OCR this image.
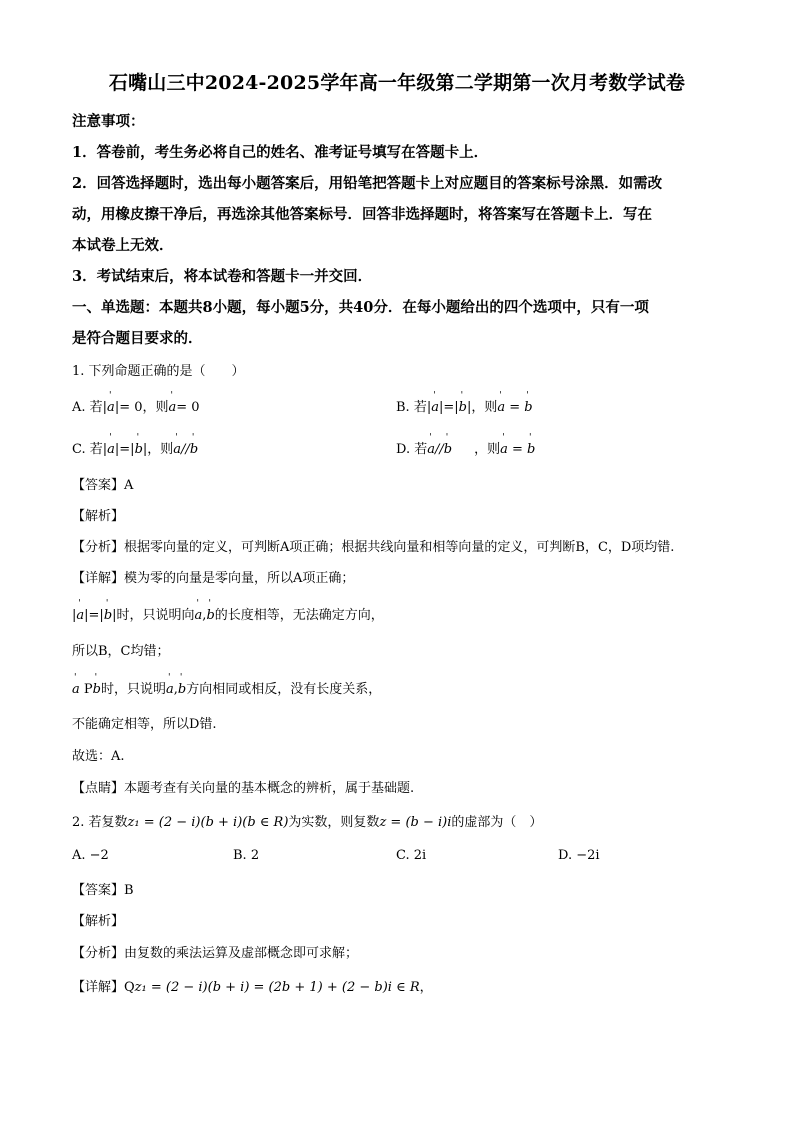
石嘴山三中2024-2025学年高一年级第二学期第一次月考数学试卷
注意事项：
1．答卷前，考生务必将自己的姓名、准考证号填写在答题卡上．
2．回答选择题时，选出每小题答案后，用铅笔把答题卡上对应题目的答案标号涂黑．如需改
动，用橡皮擦干净后，再选涂其他答案标号．回答非选择题时，将答案写在答题卡上．写在
本试卷上无效．
3．考试结束后，将本试卷和答题卡一并交回．
一、单选题：本题共8小题，每小题5分，共40分．在每小题给出的四个选项中，只有一项
是符合题目要求的．
1. 下列命题正确的是（　　）
A. 若|' a|= 0，则' a= 0	B. 若|' a|=|' b|，则' a = ' b
C. 若|' a|=|' b|，则' a//' b	D. 若' a//' b ，则' a = ' b
【答案】A
【解析】
【分析】根据零向量的定义，可判断A项正确；根据共线向量和相等向量的定义，可判断B，C，D项均错.
【详解】模为零的向量是零向量，所以A项正确；
|' a|=|' b|时，只说明向' a,' b的长度相等，无法确定方向，
所以B，C均错；
' a P' b时，只说明' a,' b方向相同或相反，没有长度关系，
不能确定相等，所以D错.
故选：A.
【点睛】本题考查有关向量的基本概念的辨析，属于基础题.
2. 若复数z₁ = (2 − i)(b + i)(b ∈ R)为实数，则复数z = (b − i)i的虚部为（　）
A. −2	B. 2	C. 2i	D. −2i
【答案】B
【解析】
【分析】由复数的乘法运算及虚部概念即可求解；
【详解】Qz₁ = (2 − i)(b + i) = (2b + 1) + (2 − b)i ∈ R，
